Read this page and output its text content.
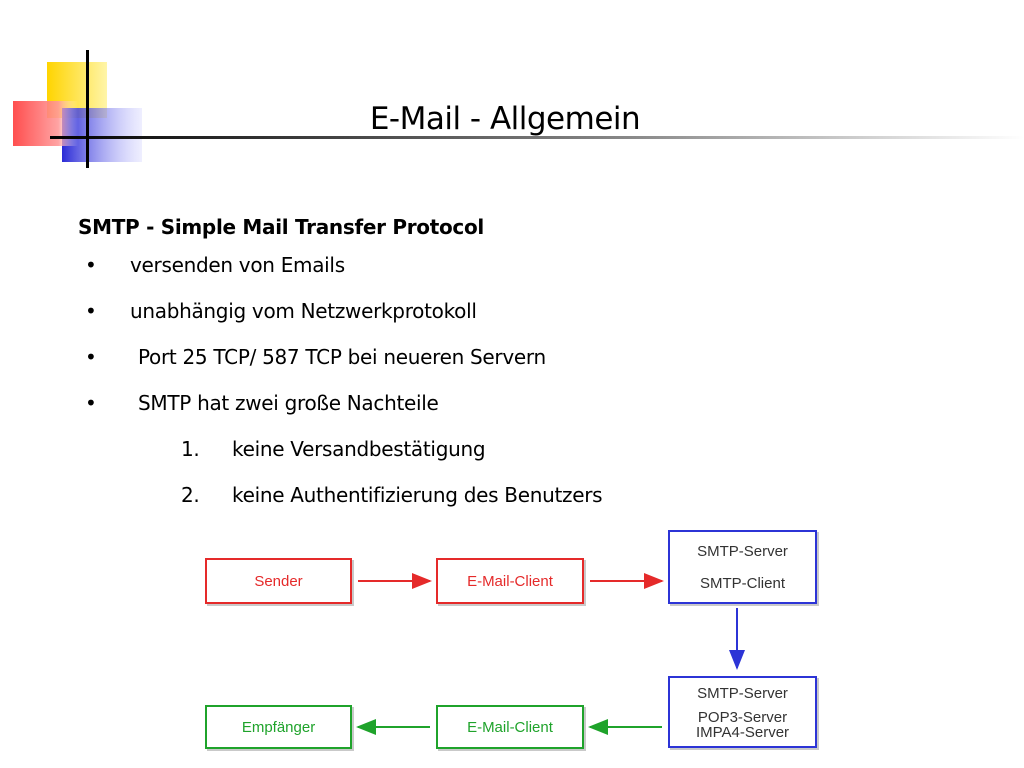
E-Mail - Allgemein
SMTP - Simple Mail Transfer Protocol
• versenden von Emails
• unabhängig vom Netzwerkprotokoll
• Port 25 TCP/ 587 TCP bei neueren Servern
• SMTP hat zwei große Nachteile
1. keine Versandbestätigung
2. keine Authentifizierung des Benutzers
Sender	E-Mail-Client
SMTP-Server
SMTP-Client
SMTP-Server
POP3-Server
IMPA4-Server
E-Mail-Client
Empfänger
